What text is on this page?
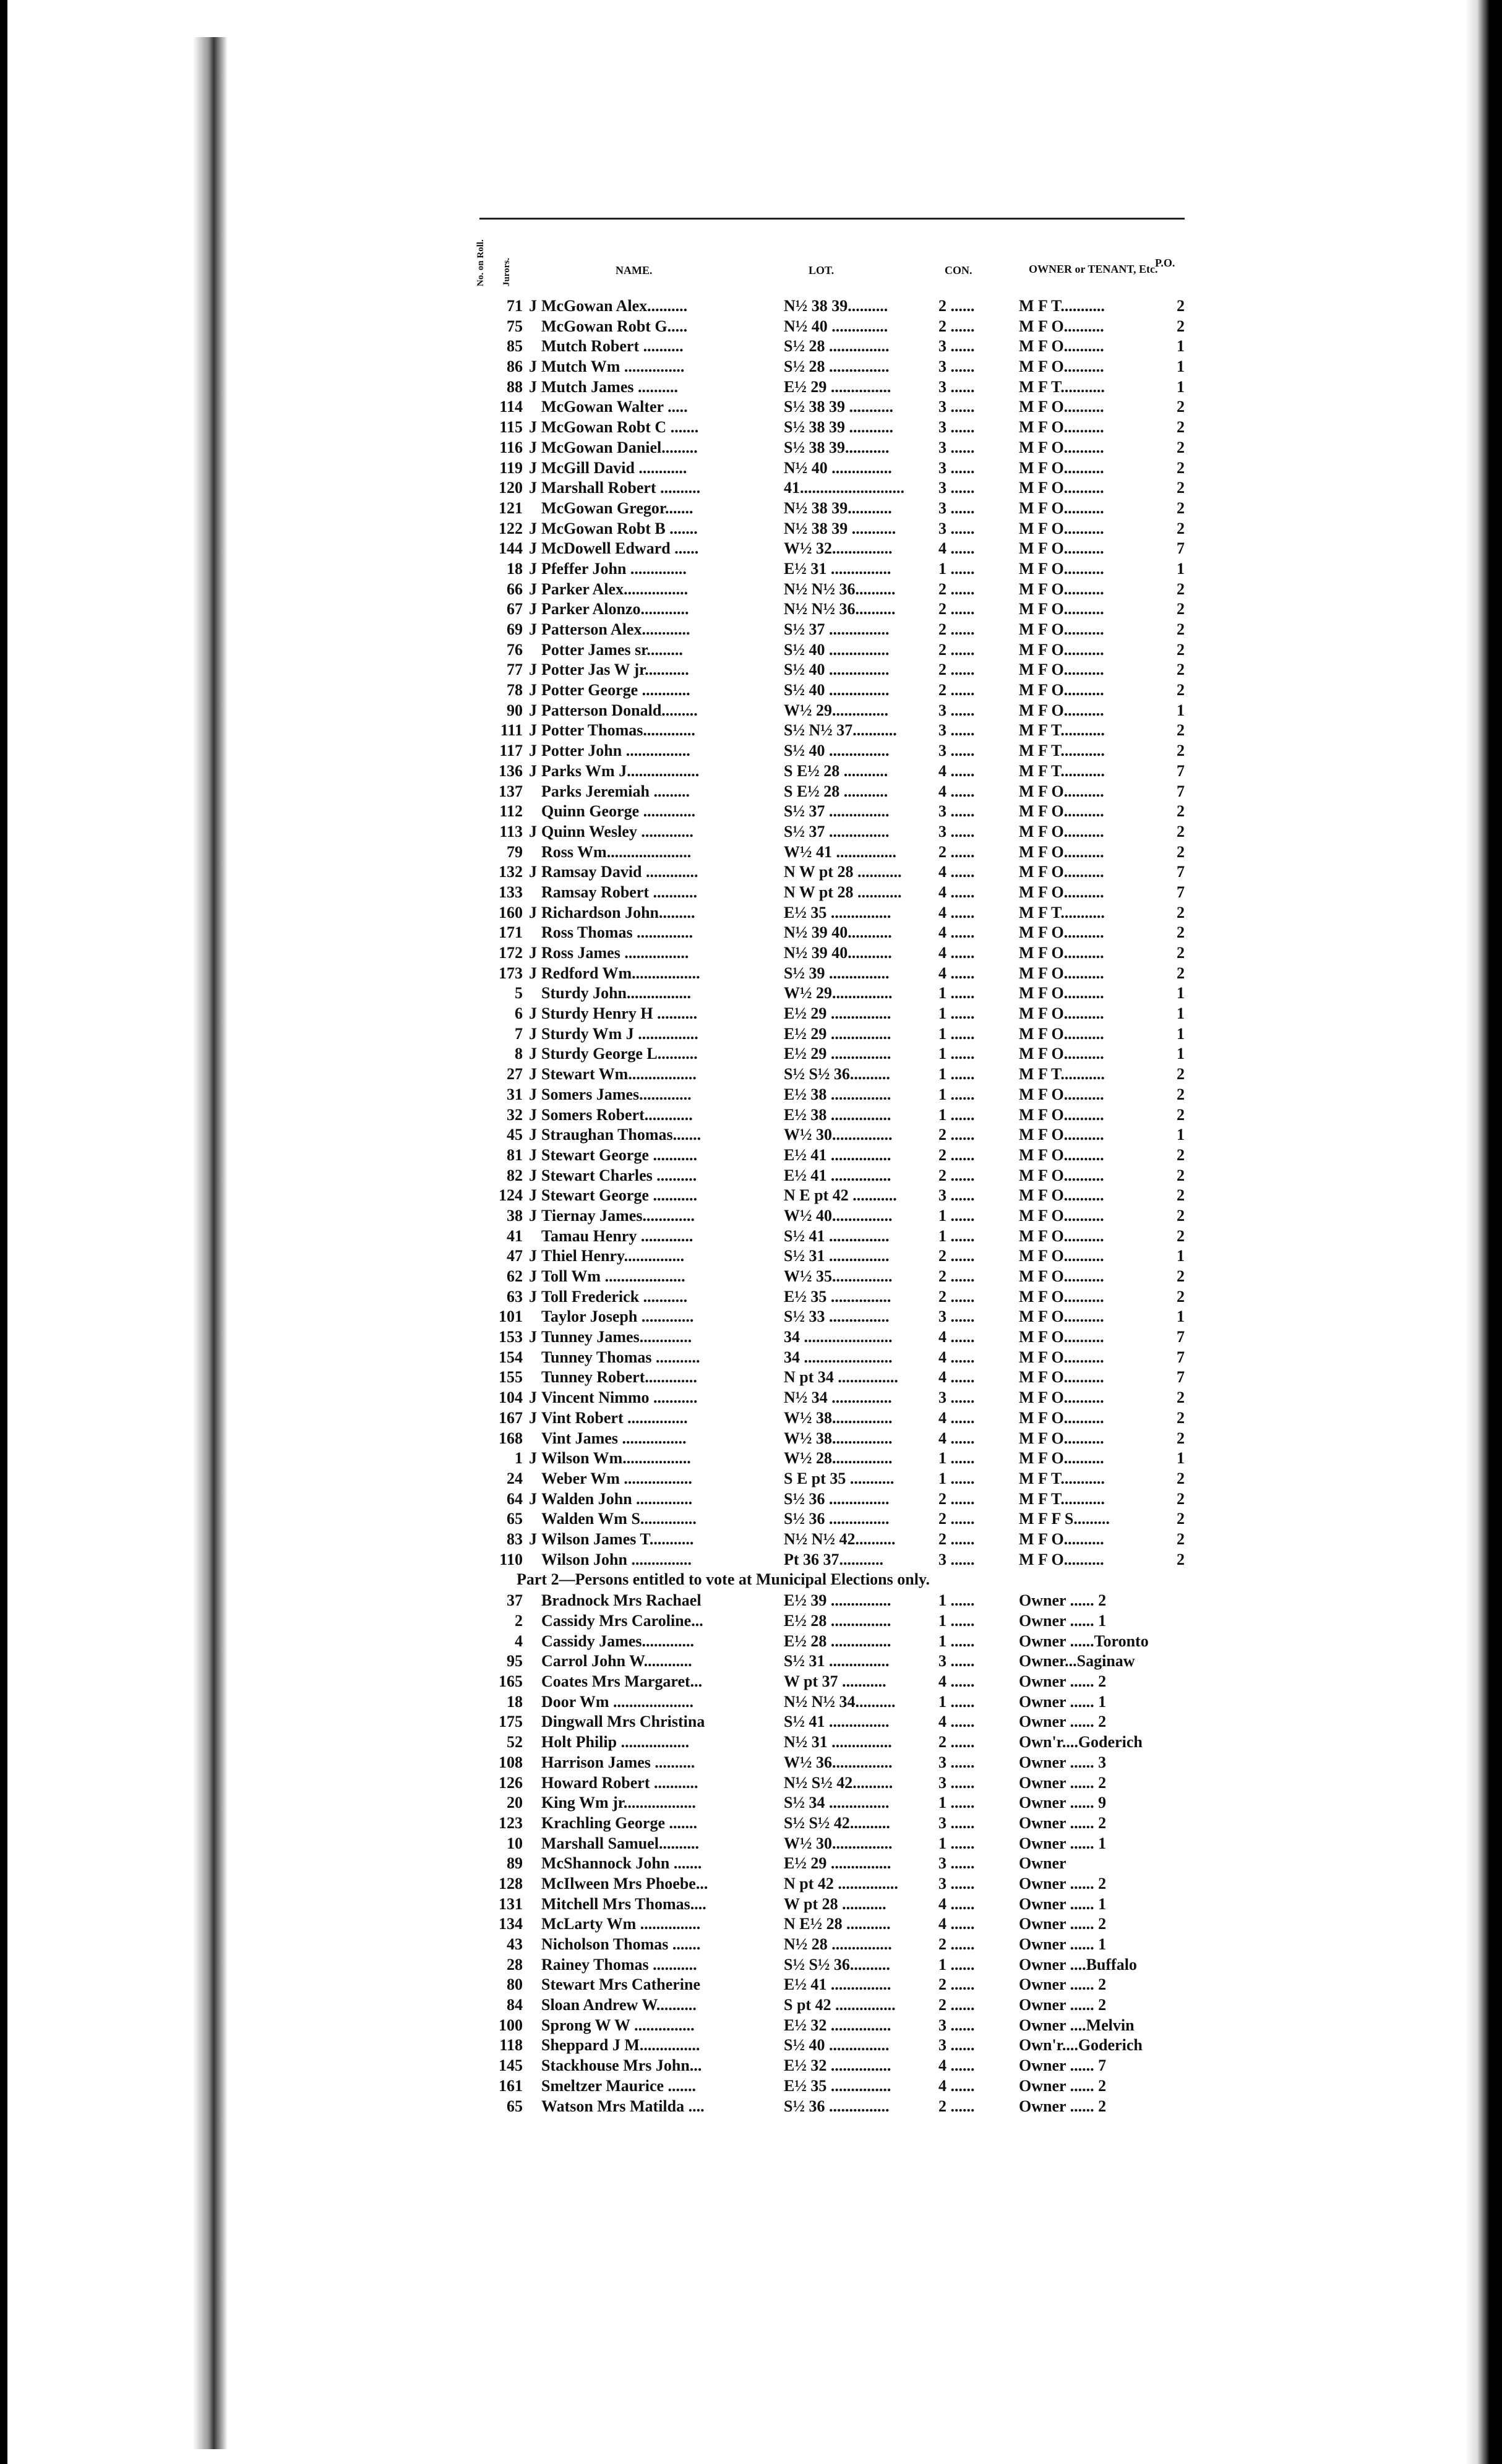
No. on Roll. Jurors.	NAME.	LOT.	CON.	OWNER or TENANT, Etc.
P.O.
71 J McGowan Alex..........	N½ 38 39..........	2 ......	M F T...........	2
75 McGowan Robt G.....	N½ 40 ..............	2 ......	M F O..........	2
85 Mutch Robert ..........	S½ 28 ...............	3 ......	M F O..........	1
86 J Mutch Wm ...............	S½ 28 ...............	3 ......	M F O..........	1
88 J Mutch James ..........	E½ 29 ...............	3 ......	M F T...........	1
114 McGowan Walter .....	S½ 38 39 ...........	3 ......	M F O..........	2
115 J McGowan Robt C .......	S½ 38 39 ...........	3 ......	M F O..........	2
116 J McGowan Daniel.........	S½ 38 39...........	3 ......	M F O..........	2
119 J McGill David ............	N½ 40 ...............	3 ......	M F O..........	2
120 J Marshall Robert ..........	41..........................	3 ......	M F O..........	2
121 McGowan Gregor.......	N½ 38 39...........	3 ......	M F O..........	2
122 J McGowan Robt B .......	N½ 38 39 ...........	3 ......	M F O..........	2
144 J McDowell Edward ......	W½ 32...............	4 ......	M F O..........	7
18 J Pfeffer John ..............	E½ 31 ...............	1 ......	M F O..........	1
66 J Parker Alex................	N½ N½ 36..........	2 ......	M F O..........	2
67 J Parker Alonzo............	N½ N½ 36..........	2 ......	M F O..........	2
69 J Patterson Alex............	S½ 37 ...............	2 ......	M F O..........	2
76 Potter James sr.........	S½ 40 ...............	2 ......	M F O..........	2
77 J Potter Jas W jr...........	S½ 40 ...............	2 ......	M F O..........	2
78 J Potter George ............	S½ 40 ...............	2 ......	M F O..........	2
90 J Patterson Donald.........	W½ 29..............	3 ......	M F O..........	1
111 J Potter Thomas.............	S½ N½ 37...........	3 ......	M F T...........	2
117 J Potter John ................	S½ 40 ...............	3 ......	M F T...........	2
136 J Parks Wm J..................	S E½ 28 ...........	4 ......	M F T...........	7
137 Parks Jeremiah .........	S E½ 28 ...........	4 ......	M F O..........	7
112 Quinn George .............	S½ 37 ...............	3 ......	M F O..........	2
113 J Quinn Wesley .............	S½ 37 ...............	3 ......	M F O..........	2
79 Ross Wm.....................	W½ 41 ...............	2 ......	M F O..........	2
132 J Ramsay David .............	N W pt 28 ...........	4 ......	M F O..........	7
133 Ramsay Robert ...........	N W pt 28 ...........	4 ......	M F O..........	7
160 J Richardson John.........	E½ 35 ...............	4 ......	M F T...........	2
171 Ross Thomas ..............	N½ 39 40...........	4 ......	M F O..........	2
172 J Ross James ................	N½ 39 40...........	4 ......	M F O..........	2
173 J Redford Wm.................	S½ 39 ...............	4 ......	M F O..........	2
5 Sturdy John................	W½ 29...............	1 ......	M F O..........	1
6 J Sturdy Henry H ..........	E½ 29 ...............	1 ......	M F O..........	1
7 J Sturdy Wm J ...............	E½ 29 ...............	1 ......	M F O..........	1
8 J Sturdy George L..........	E½ 29 ...............	1 ......	M F O..........	1
27 J Stewart Wm.................	S½ S½ 36..........	1 ......	M F T...........	2
31 J Somers James.............	E½ 38 ...............	1 ......	M F O..........	2
32 J Somers Robert............	E½ 38 ...............	1 ......	M F O..........	2
45 J Straughan Thomas.......	W½ 30...............	2 ......	M F O..........	1
81 J Stewart George ...........	E½ 41 ...............	2 ......	M F O..........	2
82 J Stewart Charles ..........	E½ 41 ...............	2 ......	M F O..........	2
124 J Stewart George ...........	N E pt 42 ...........	3 ......	M F O..........	2
38 J Tiernay James.............	W½ 40...............	1 ......	M F O..........	2
41 Tamau Henry .............	S½ 41 ...............	1 ......	M F O..........	2
47 J Thiel Henry...............	S½ 31 ...............	2 ......	M F O..........	1
62 J Toll Wm ....................	W½ 35...............	2 ......	M F O..........	2
63 J Toll Frederick ...........	E½ 35 ...............	2 ......	M F O..........	2
101 Taylor Joseph .............	S½ 33 ...............	3 ......	M F O..........	1
153 J Tunney James.............	34 ......................	4 ......	M F O..........	7
154 Tunney Thomas ...........	34 ......................	4 ......	M F O..........	7
155 Tunney Robert.............	N pt 34 ...............	4 ......	M F O..........	7
104 J Vincent Nimmo ...........	N½ 34 ...............	3 ......	M F O..........	2
167 J Vint Robert ...............	W½ 38...............	4 ......	M F O..........	2
168 Vint James ................	W½ 38...............	4 ......	M F O..........	2
1 J Wilson Wm.................	W½ 28...............	1 ......	M F O..........	1
24 Weber Wm .................	S E pt 35 ...........	1 ......	M F T...........	2
64 J Walden John ..............	S½ 36 ...............	2 ......	M F T...........	2
65 Walden Wm S..............	S½ 36 ...............	2 ......	M F F S.........	2
83 J Wilson James T...........	N½ N½ 42..........	2 ......	M F O..........	2
110 Wilson John ...............	Pt 36 37...........	3 ......	M F O..........	2
Part 2—Persons entitled to vote at Municipal Elections only.
37 Bradnock Mrs Rachael	E½ 39 ...............	1 ......	Owner ...... 2
2 Cassidy Mrs Caroline...	E½ 28 ...............	1 ......	Owner ...... 1
4 Cassidy James.............	E½ 28 ...............	1 ......	Owner ......Toronto
95 Carrol John W............	S½ 31 ...............	3 ......	Owner...Saginaw
165 Coates Mrs Margaret...	W pt 37 ...........	4 ......	Owner ...... 2
18 Door Wm ....................	N½ N½ 34..........	1 ......	Owner ...... 1
175 Dingwall Mrs Christina	S½ 41 ...............	4 ......	Owner ...... 2
52 Holt Philip .................	N½ 31 ...............	2 ......	Own'r....Goderich
108 Harrison James ..........	W½ 36...............	3 ......	Owner ...... 3
126 Howard Robert ...........	N½ S½ 42..........	3 ......	Owner ...... 2
20 King Wm jr..................	S½ 34 ...............	1 ......	Owner ...... 9
123 Krachling George .......	S½ S½ 42..........	3 ......	Owner ...... 2
10 Marshall Samuel..........	W½ 30...............	1 ......	Owner ...... 1
89 McShannock John .......	E½ 29 ...............	3 ......	Owner
128 McIlween Mrs Phoebe...	N pt 42 ...............	3 ......	Owner ...... 2
131 Mitchell Mrs Thomas....	W pt 28 ...........	4 ......	Owner ...... 1
134 McLarty Wm ...............	N E½ 28 ...........	4 ......	Owner ...... 2
43 Nicholson Thomas .......	N½ 28 ...............	2 ......	Owner ...... 1
28 Rainey Thomas ...........	S½ S½ 36..........	1 ......	Owner ....Buffalo
80 Stewart Mrs Catherine	E½ 41 ...............	2 ......	Owner ...... 2
84 Sloan Andrew W..........	S pt 42 ...............	2 ......	Owner ...... 2
100 Sprong W W ...............	E½ 32 ...............	3 ......	Owner ....Melvin
118 Sheppard J M...............	S½ 40 ...............	3 ......	Own'r....Goderich
145 Stackhouse Mrs John...	E½ 32 ...............	4 ......	Owner ...... 7
161 Smeltzer Maurice .......	E½ 35 ...............	4 ......	Owner ...... 2
65 Watson Mrs Matilda ....	S½ 36 ...............	2 ......	Owner ...... 2
